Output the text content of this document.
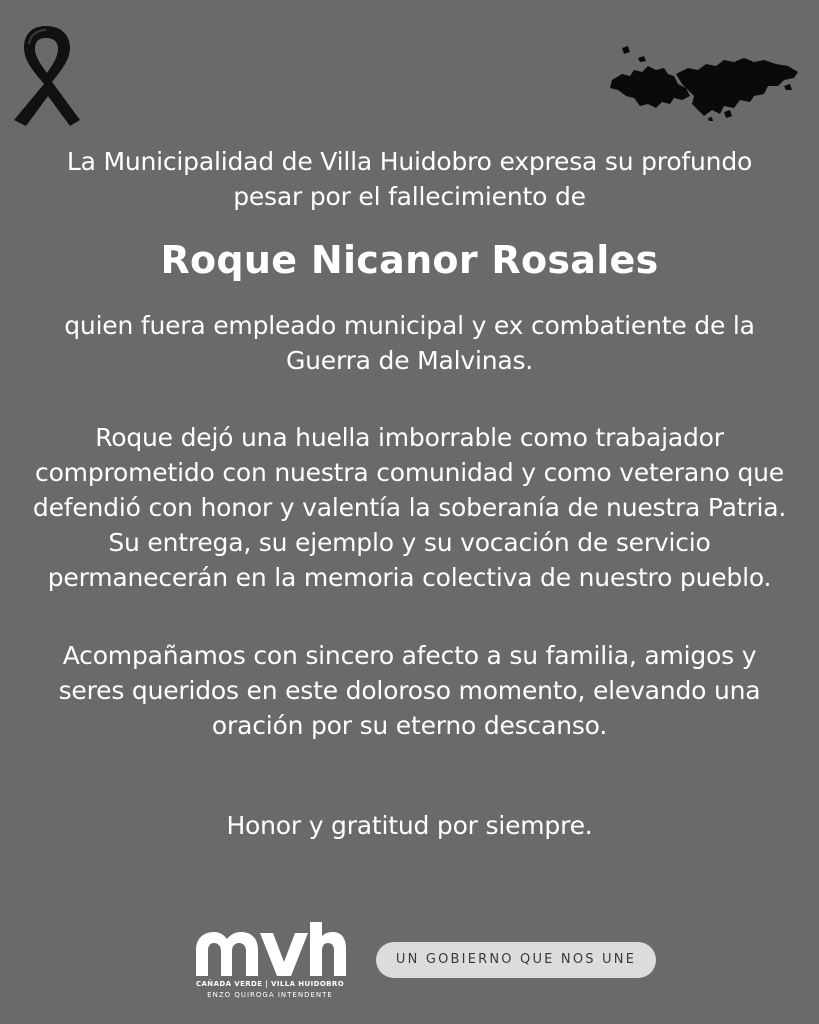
La Municipalidad de Villa Huidobro expresa su profundo
pesar por el fallecimiento de
Roque Nicanor Rosales
quien fuera empleado municipal y ex combatiente de la
Guerra de Malvinas.
Roque dejó una huella imborrable como trabajador
comprometido con nuestra comunidad y como veterano que
defendió con honor y valentía la soberanía de nuestra Patria.
Su entrega, su ejemplo y su vocación de servicio
permanecerán en la memoria colectiva de nuestro pueblo.
Acompañamos con sincero afecto a su familia, amigos y
seres queridos en este doloroso momento, elevando una
oración por su eterno descanso.
Honor y gratitud por siempre.
CAÑADA VERDE | VILLA HUIDOBRO
ENZO QUIROGA INTENDENTE
UN GOBIERNO QUE NOS UNE
